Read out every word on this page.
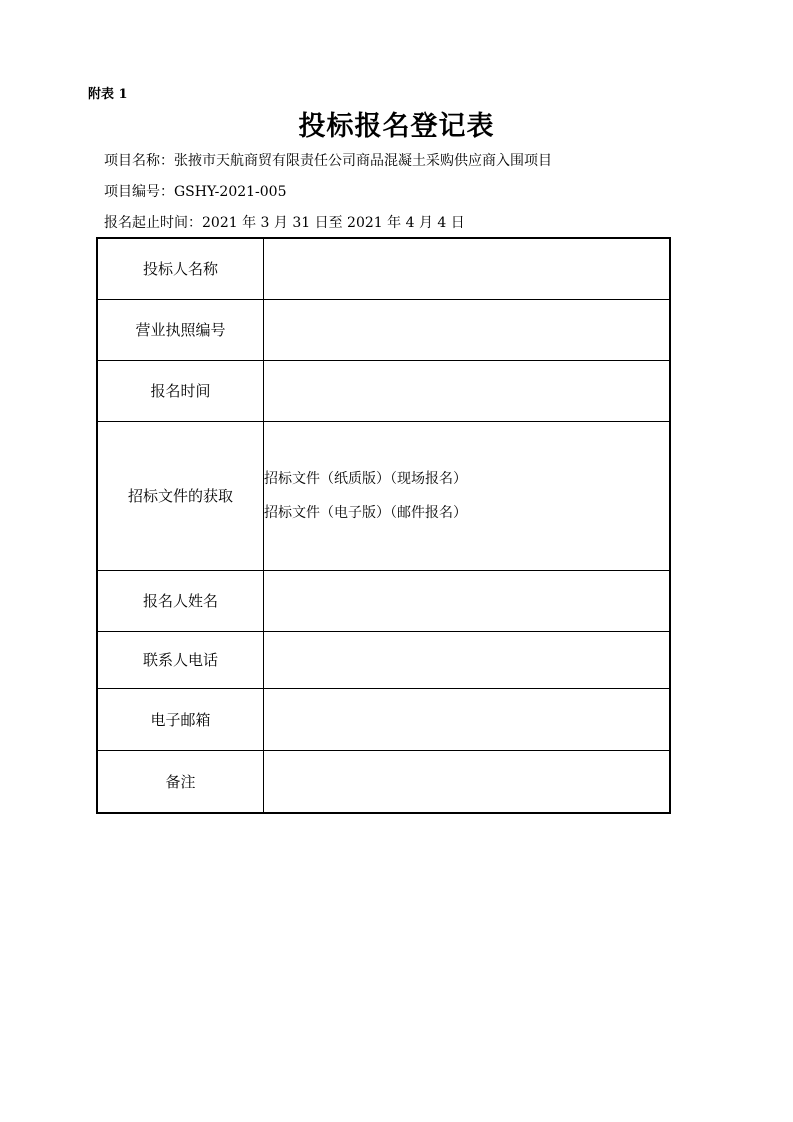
附表 1
投标报名登记表
项目名称：张掖市天航商贸有限责任公司商品混凝土采购供应商入围项目
项目编号：GSHY-2021-005
报名起止时间：2021 年 3 月 31 日至 2021 年 4 月 4 日
投标人名称	
营业执照编号	
报名时间	
招标文件的获取	招标文件（纸质版）（现场报名）
招标文件（电子版）（邮件报名）

报名人姓名	
联系人电话	
电子邮箱	
备注	
